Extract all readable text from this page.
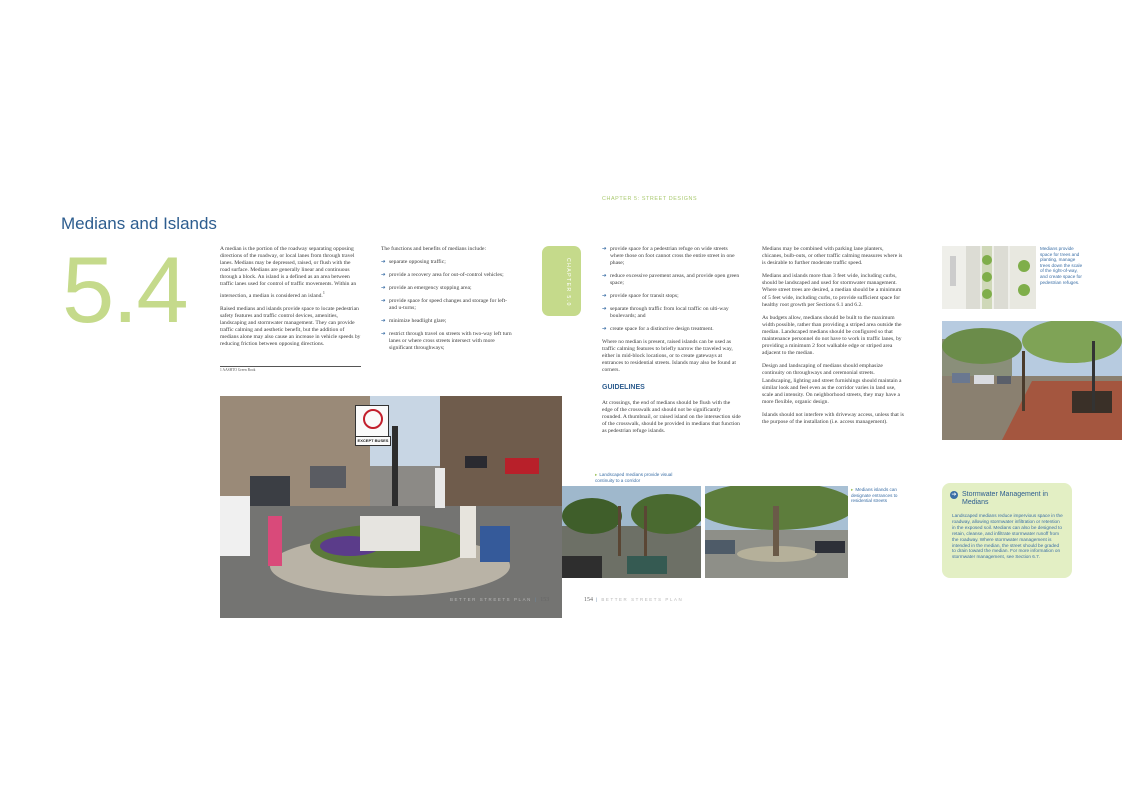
CHAPTER 5: STREET DESIGNS
Medians and Islands
5.4	A median is the portion of the roadway separating opposing directions of the roadway, or local lanes from through travel lanes. Medians may be depressed, raised, or flush with the road surface. Medians are generally linear and continuous through a block. An island is a defined as an area between traffic lanes used for control of traffic movements. Within an intersection, a median is considered an island.$^1$

Raised medians and islands provide space to locate pedestrian safety features and traffic control devices, amenities, landscaping and stormwater management. They can provide traffic calming and aesthetic benefit, but the addition of medians alone may also cause an increase in vehicle speeds by reducing friction between opposing directions.

1 AASHTO Green Book

The functions and benefits of medians include:

➔ separate opposing traffic;
➔ provide a recovery area for out-of-control vehicles;
➔ provide an emergency stopping area;
➔ provide space for speed changes and storage for left- and u-turns;
➔ minimize headlight glare;
➔ restrict through travel on streets with two-way left turn lanes or where cross streets intersect with more significant throughways;
CHAPTER 5.0
➔ provide space for a pedestrian refuge on wide streets where those on foot cannot cross the entire street in one phase;
➔ reduce excessive pavement areas, and provide open green space;
➔ provide space for transit stops;
➔ separate through traffic from local traffic on ulti-way boulevards; and
➔ create space for a distinctive design treatment.

Where no median is present, raised islands can be used as traffic calming features to briefly narrow the traveled way, either in mid-block locations, or to create gateways at entrances to residential streets. Islands may also be found at corners.

GUIDELINES

At crossings, the end of medians should be flush with the edge of the crosswalk and should not be significantly rounded. A thumbnail, or raised island on the intersection side of the crosswalk, should be provided in medians that function as pedestrian refuge islands.

Medians may be combined with parking lane planters, chicanes, bulb-outs, or other traffic calming measures where is is desirable to further moderate traffic speed.

Medians and islands more than 3 feet wide, including curbs, should be landscaped and used for stormwater management. Where street trees are desired, a median should be a minimum of 5 feet wide, including curbs, to provide sufficient space for healthy root growth per Sections 6.1 and 6.2.

As budgets allow, medians should be built to the maximum width possible, rather than providing a striped area outside the median. Landscaped medians should be configured so that maintenance personnel do not have to work in traffic lanes, by providing a minimum 2 foot walkable edge or striped area adjacent to the median.

Design and landscaping of medians should emphasize continuity on throughways and ceremonial streets. Landscaping, lighting and street furnishings should maintain a similar look and feel even as the corridor varies in land use, scale and intensity. On neighborhood streets, they may have a more flexible, organic design.

Islands should not interfere with driveway access, unless that is the purpose of the installation (i.e. access management).

Medians provide space for trees and planting, manage trees down the scale of the right-of-way, and create space for pedestrian refuges.
EXCEPT BUSES
▸ Landscaped medians provide visual continuity to a corridor
▸ Medians islands can designate entrances to residential streets
➔ Stormwater Management in Medians
Landscaped medians reduce impervious space in the roadway, allowing stormwater infiltration or retention in the exposed soil. Medians can also be designed to retain, cleanse, and infiltrate stormwater runoff from the roadway. Where stormwater management is intended in the median, the street should be graded to drain toward the median. For more information on stormwater management, see Section 6.7.
BETTER STREETS PLAN | 153	154 | BETTER STREETS PLAN
